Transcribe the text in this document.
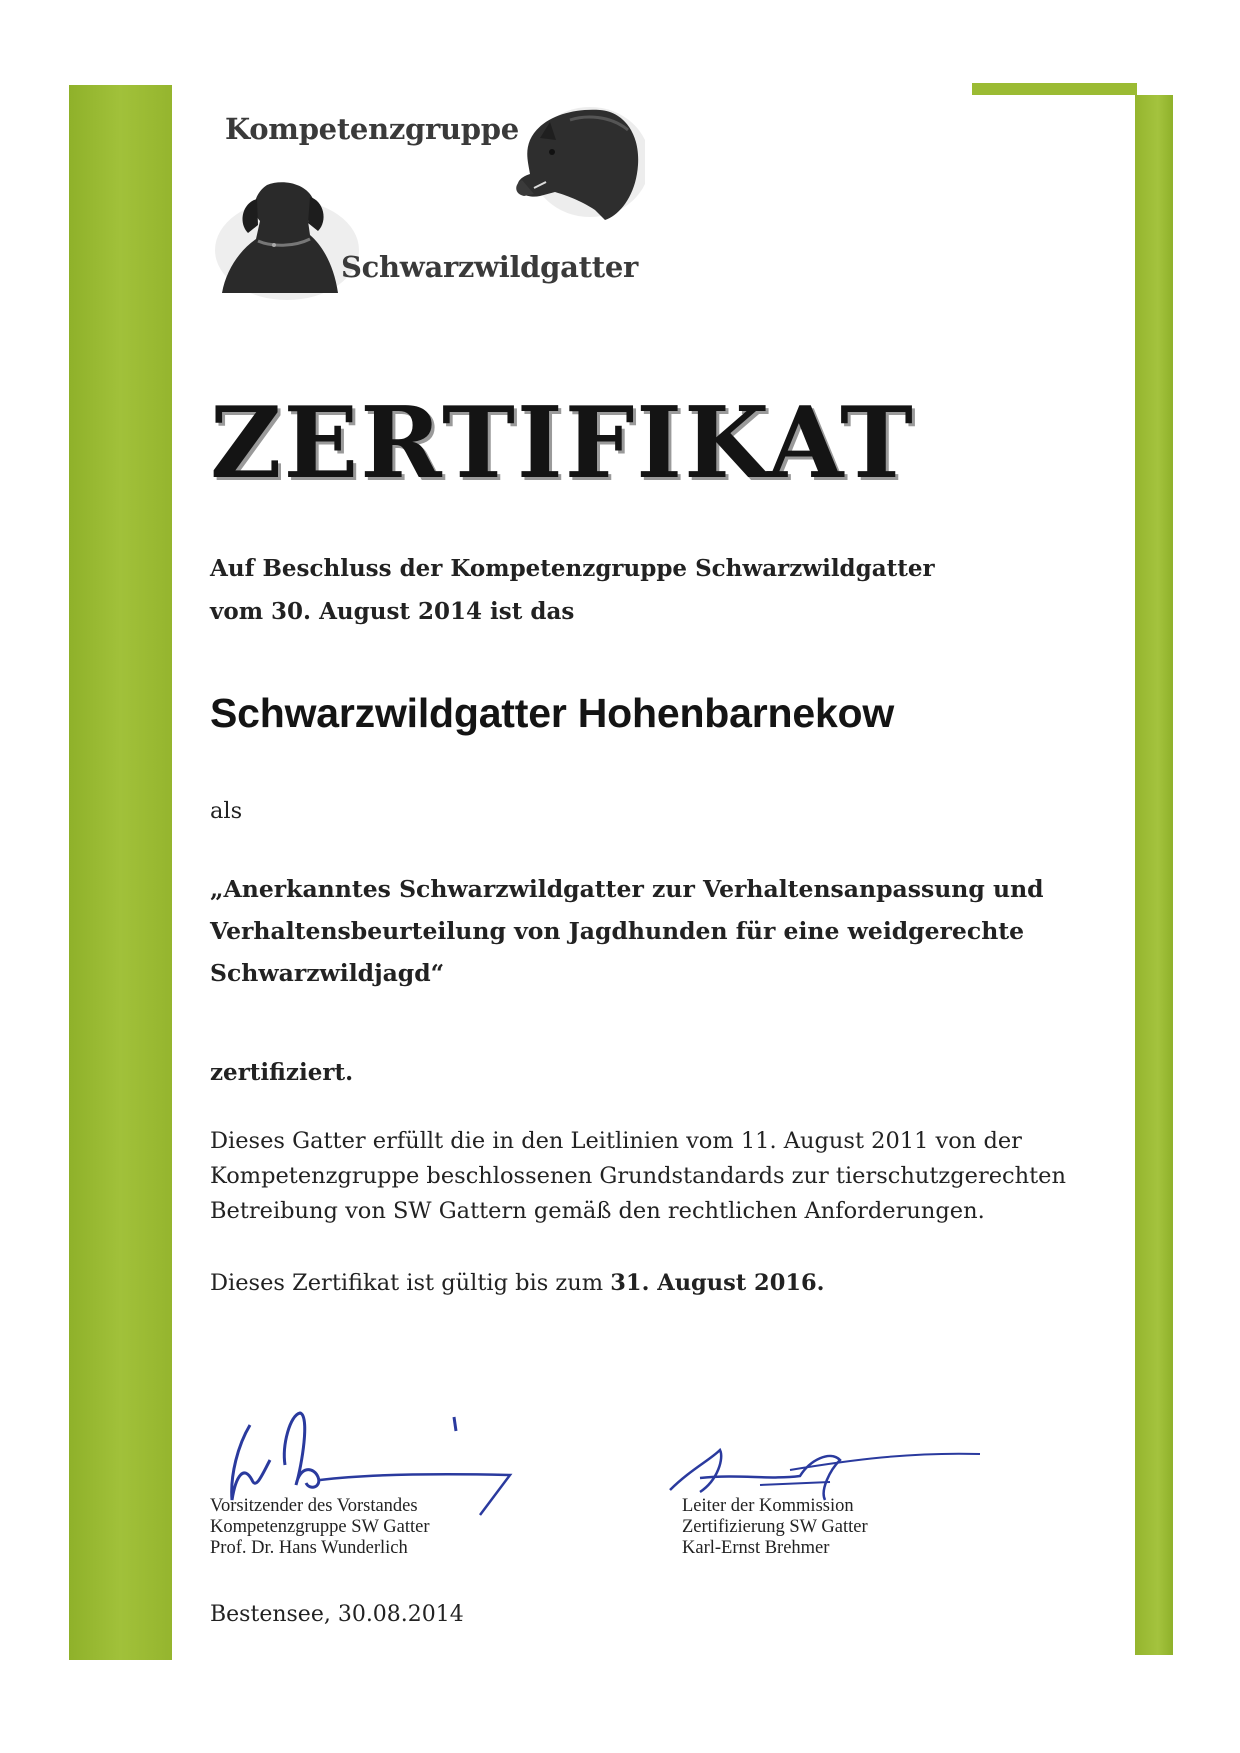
Kompetenzgruppe
Schwarzwildgatter
ZERTIFIKAT
Auf Beschluss der Kompetenzgruppe Schwarzwildgatter
vom 30. August 2014 ist das
Schwarzwildgatter Hohenbarnekow
als
„Anerkanntes Schwarzwildgatter zur Verhaltensanpassung und
Verhaltensbeurteilung von Jagdhunden für eine weidgerechte
Schwarzwildjagd“
zertifiziert.
Dieses Gatter erfüllt die in den Leitlinien vom 11. August 2011 von der
Kompetenzgruppe beschlossenen Grundstandards zur tierschutzgerechten
Betreibung von SW Gattern gemäß den rechtlichen Anforderungen.
Dieses Zertifikat ist gültig bis zum 31. August 2016.
Vorsitzender des Vorstandes
Kompetenzgruppe SW Gatter
Prof. Dr. Hans Wunderlich
Leiter der Kommission
Zertifizierung SW Gatter
Karl-Ernst Brehmer
Bestensee, 30.08.2014
